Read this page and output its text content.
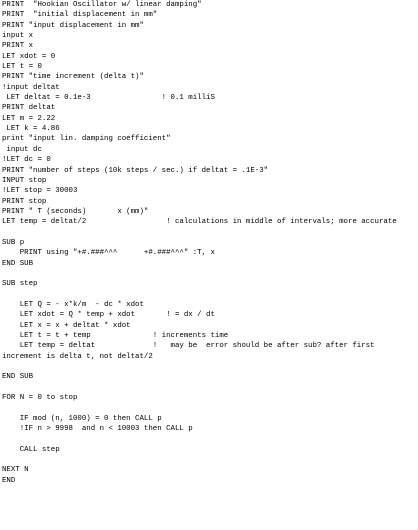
PRINT  "Hookian Oscillator w/ linear damping"
PRINT  "initial displacement in mm"
PRINT "input displacement in mm"
input x
PRINT x
LET xdot = 0
LET t = 0
PRINT "time increment (delta t)"
!input deltat
LET deltat = 0.1e-3                ! 0.1 milliS
PRINT deltat
LET m = 2.22
LET k = 4.86
print "input lin. damping coefficient"
input dc
!LET dc = 0
PRINT "number of steps (10k steps / sec.) if deltat = .1E-3"
INPUT stop
!LET stop = 30003
PRINT stop
PRINT " T (seconds)       x (mm)"
LET temp = deltat/2                  ! calculations in middle of intervals; more accurate
SUB p
PRINT using "+#.###^^^      +#.###^^^" :T, x
END SUB
SUB step
LET Q = - x*k/m  - dc * xdot
LET xdot = Q * temp + xdot       ! = dx / dt
LET x = x + deltat * xdot
LET t = t + temp              ! increments time
LET temp = deltat             !   may be  error should be after sub? after first
increment is delta t, not deltat/2
END SUB
FOR N = 0 to stop
IF mod (n, 1000) = 0 then CALL p
!IF n > 9998  and n < 10003 then CALL p
CALL step
NEXT N
END
